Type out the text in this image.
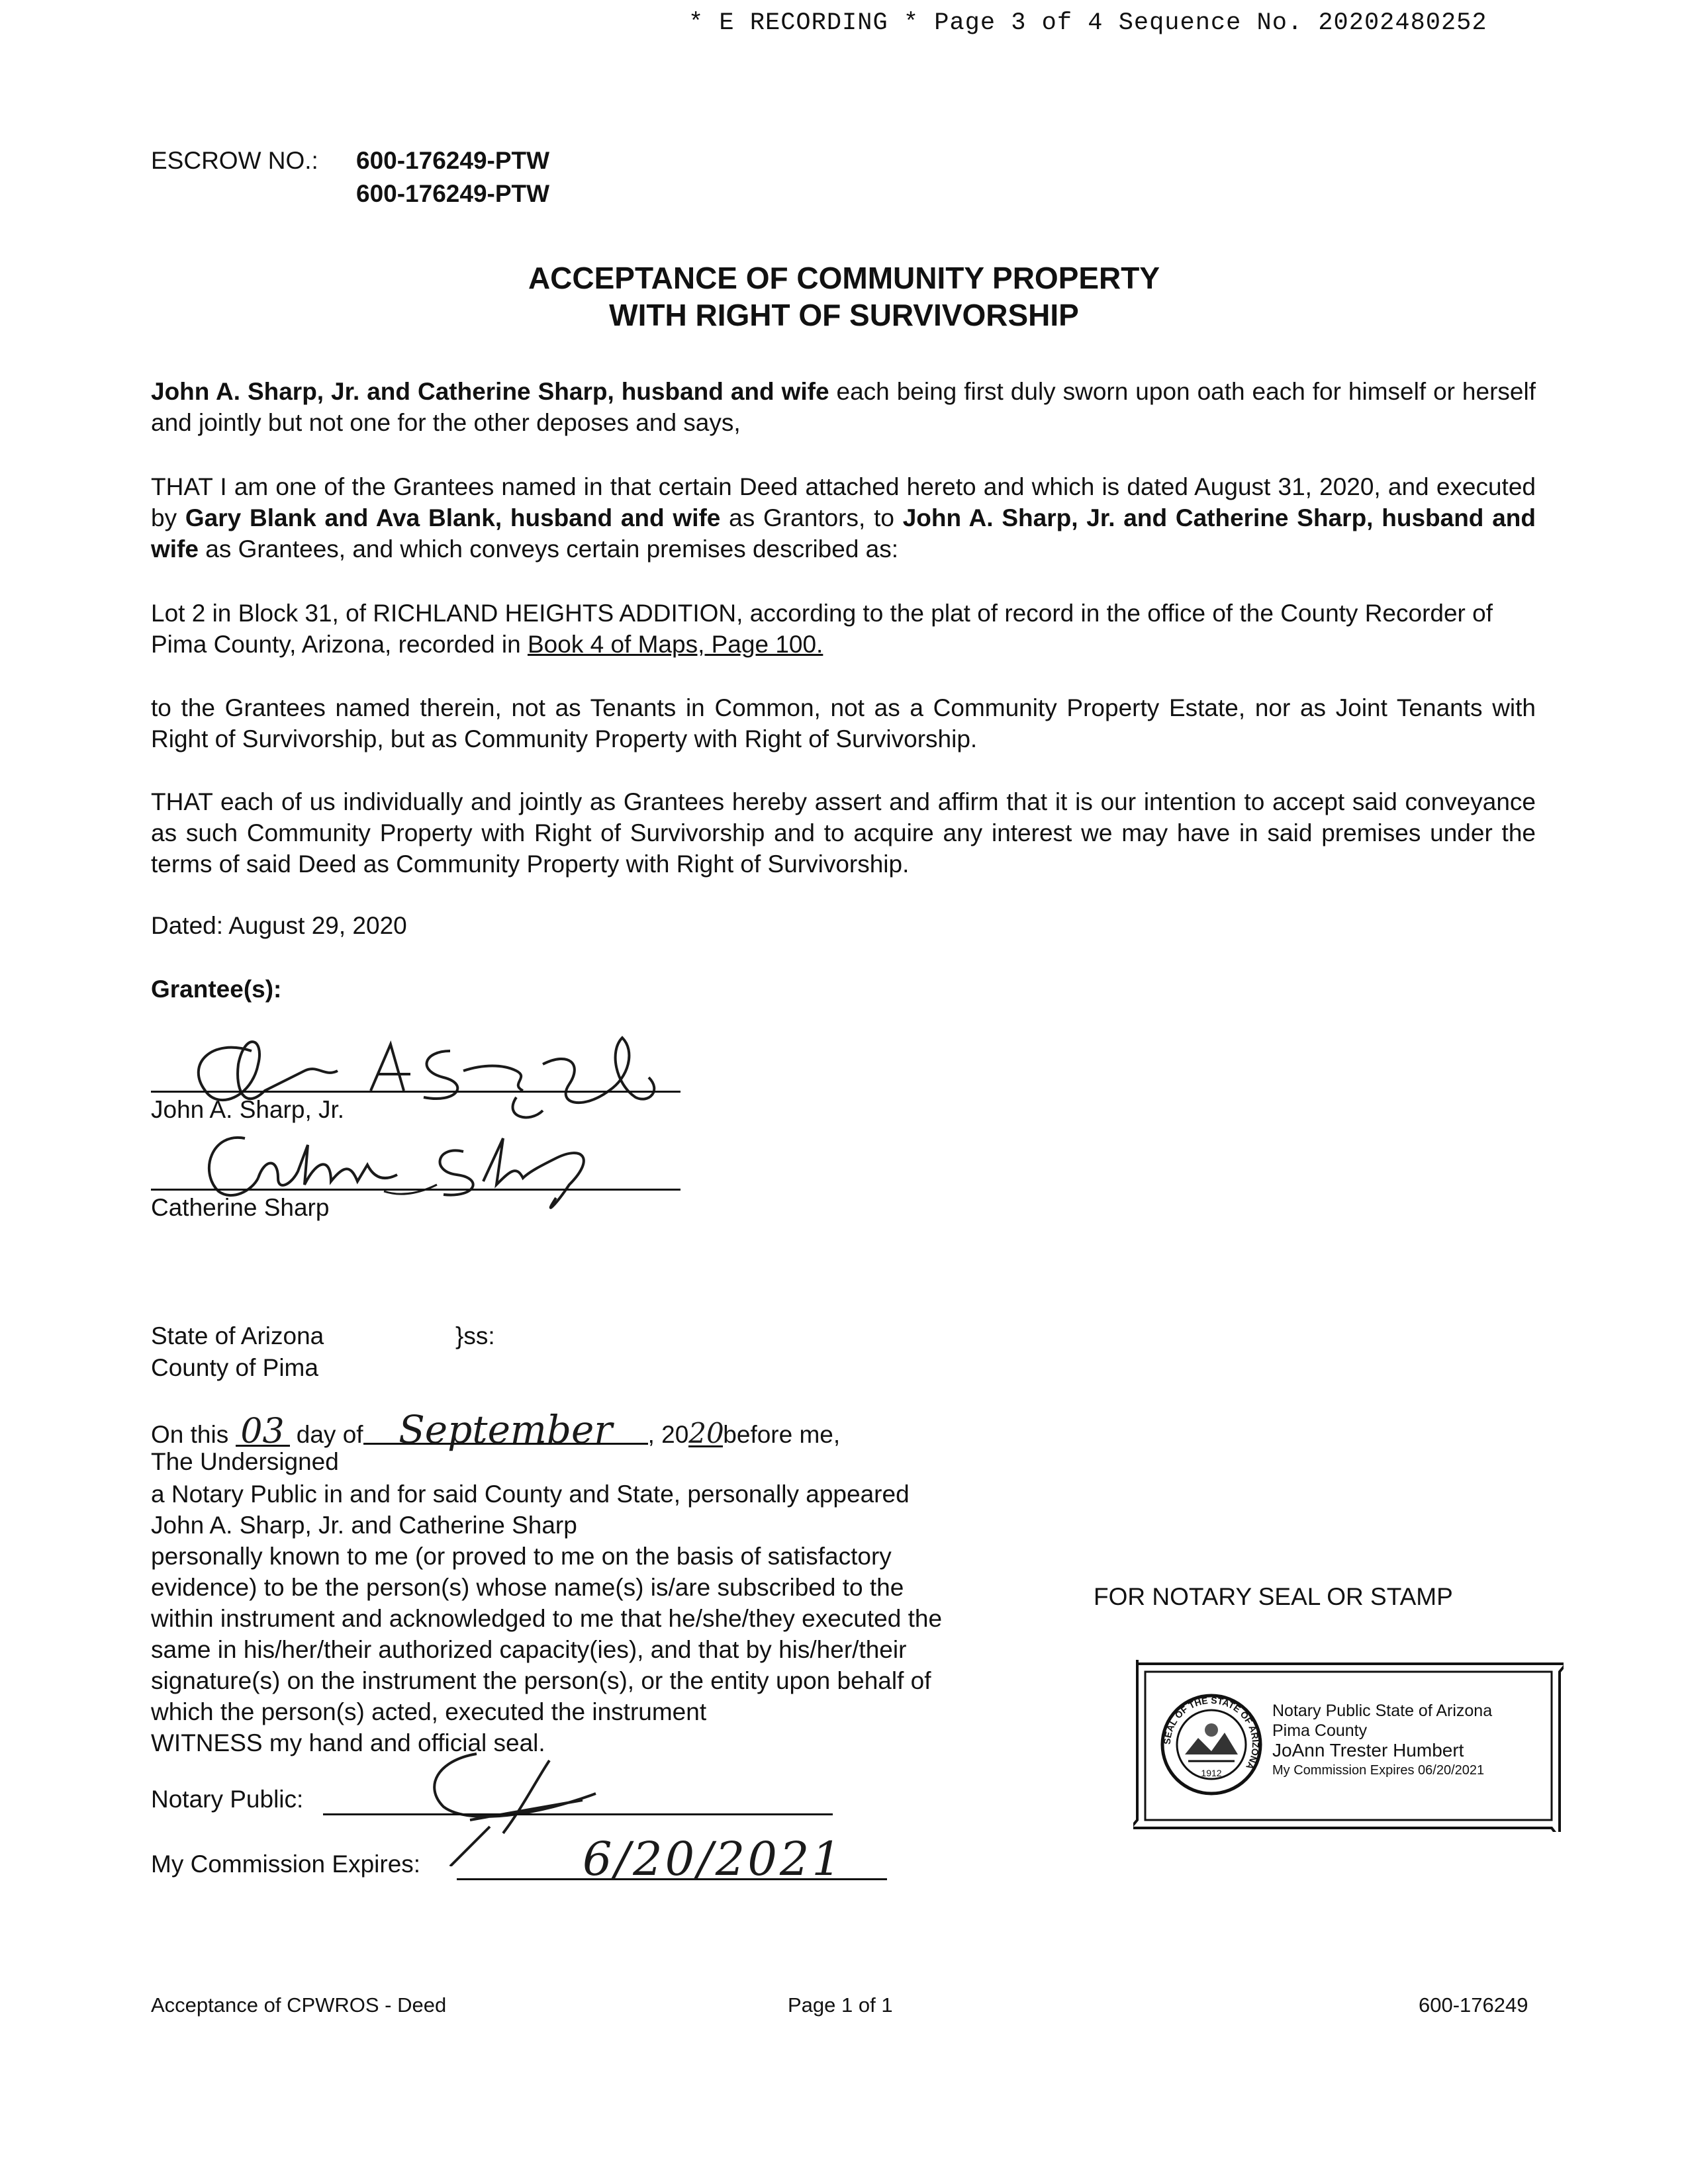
* E RECORDING * Page 3 of 4 Sequence No. 20202480252
ESCROW NO.: 600-176249-PTW
600-176249-PTW
ACCEPTANCE OF COMMUNITY PROPERTY
WITH RIGHT OF SURVIVORSHIP
John A. Sharp, Jr. and Catherine Sharp, husband and wife each being first duly sworn upon oath each for himself or herself and jointly but not one for the other deposes and says,
THAT I am one of the Grantees named in that certain Deed attached hereto and which is dated August 31, 2020, and executed by Gary Blank and Ava Blank, husband and wife as Grantors, to John A. Sharp, Jr. and Catherine Sharp, husband and wife as Grantees, and which conveys certain premises described as:
Lot 2 in Block 31, of RICHLAND HEIGHTS ADDITION, according to the plat of record in the office of the County Recorder of Pima County, Arizona, recorded in Book 4 of Maps, Page 100.
to the Grantees named therein, not as Tenants in Common, not as a Community Property Estate, nor as Joint Tenants with Right of Survivorship, but as Community Property with Right of Survivorship.
THAT each of us individually and jointly as Grantees hereby assert and affirm that it is our intention to accept said conveyance as such Community Property with Right of Survivorship and to acquire any interest we may have in said premises under the terms of said Deed as Community Property with Right of Survivorship.
Dated: August 29, 2020
Grantee(s):
John A. Sharp, Jr.
Catherine Sharp
State of Arizona	}ss:
County of Pima
On this 03 day of September , 2020before me,
The Undersigned
a Notary Public in and for said County and State, personally appeared
John A. Sharp, Jr. and Catherine Sharp
personally known to me (or proved to me on the basis of satisfactory
evidence) to be the person(s) whose name(s) is/are subscribed to the
within instrument and acknowledged to me that he/she/they executed the
same in his/her/their authorized capacity(ies), and that by his/her/their
signature(s) on the instrument the person(s), or the entity upon behalf of
which the person(s) acted, executed the instrument
WITNESS my hand and official seal.
Notary Public:
My Commission Expires:	6/20/2021
FOR NOTARY SEAL OR STAMP
SEAL OF THE STATE OF ARIZONA
1912
Notary Public State of Arizona
Pima County
JoAnn Trester Humbert
My Commission Expires 06/20/2021
Acceptance of CPWROS - Deed	Page 1 of 1	600-176249
